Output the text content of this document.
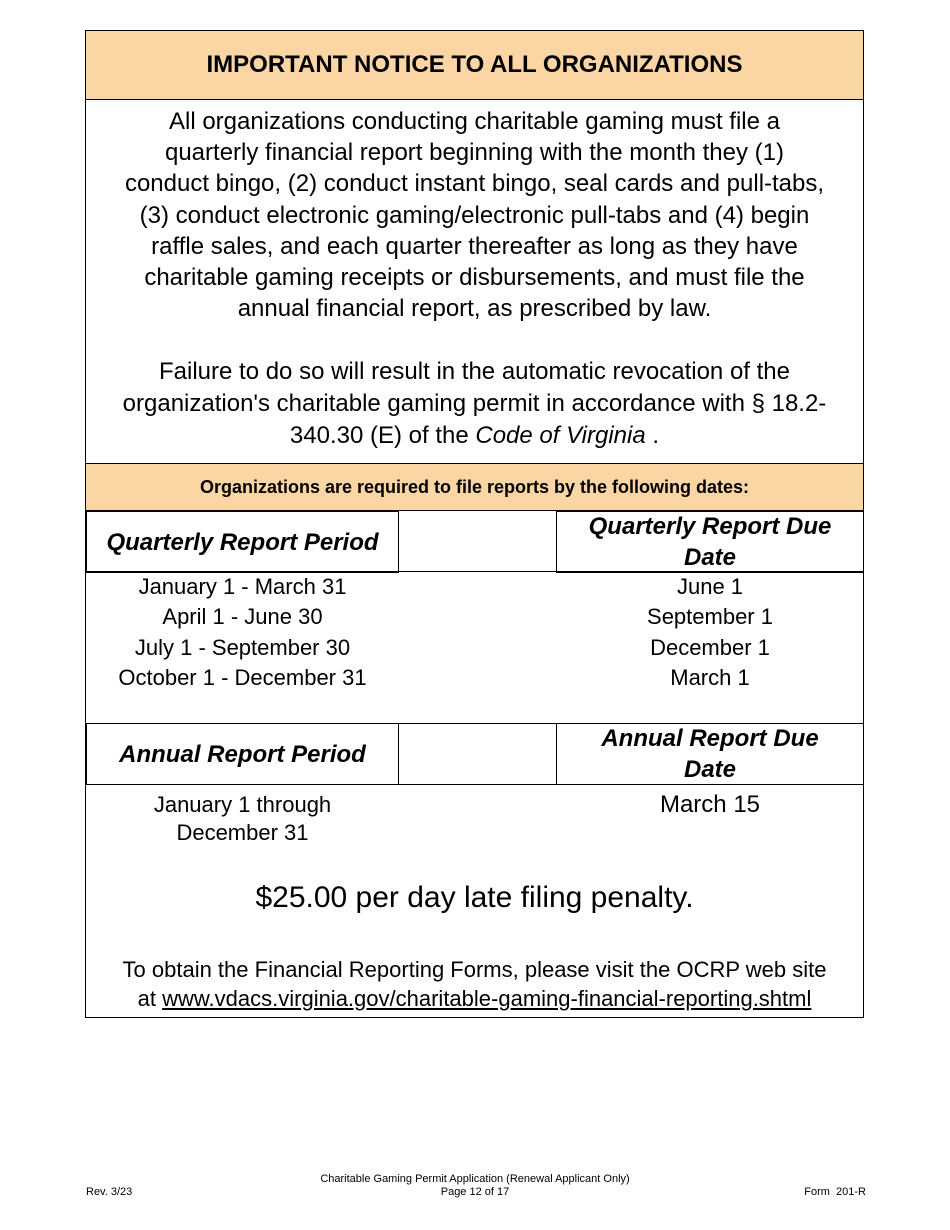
IMPORTANT NOTICE TO ALL ORGANIZATIONS
All organizations conducting charitable gaming must file a
quarterly financial report beginning with the month they (1)
conduct bingo, (2) conduct instant bingo, seal cards and pull-tabs,
(3) conduct electronic gaming/electronic pull-tabs and (4) begin
raffle sales, and each quarter thereafter as long as they have
charitable gaming receipts or disbursements, and must file the
annual financial report, as prescribed by law.
Failure to do so will result in the automatic revocation of the
organization's charitable gaming permit in accordance with § 18.2-
340.30 (E) of the Code of Virginia .
Organizations are required to file reports by the following dates:
Quarterly Report Period
Quarterly Report Due Date
January 1 - March 31
April 1 - June 30
July 1 - September 30
October 1 - December 31
June 1
September 1
December 1
March 1
Annual Report Period
Annual Report Due Date
January 1 through
December 31
March 15
$25.00 per day late filing penalty.
To obtain the Financial Reporting Forms, please visit the OCRP web site
at www.vdacs.virginia.gov/charitable-gaming-financial-reporting.shtml
Rev. 3/23
Charitable Gaming Permit Application (Renewal Applicant Only)
Page 12 of 17	Form  201-R
